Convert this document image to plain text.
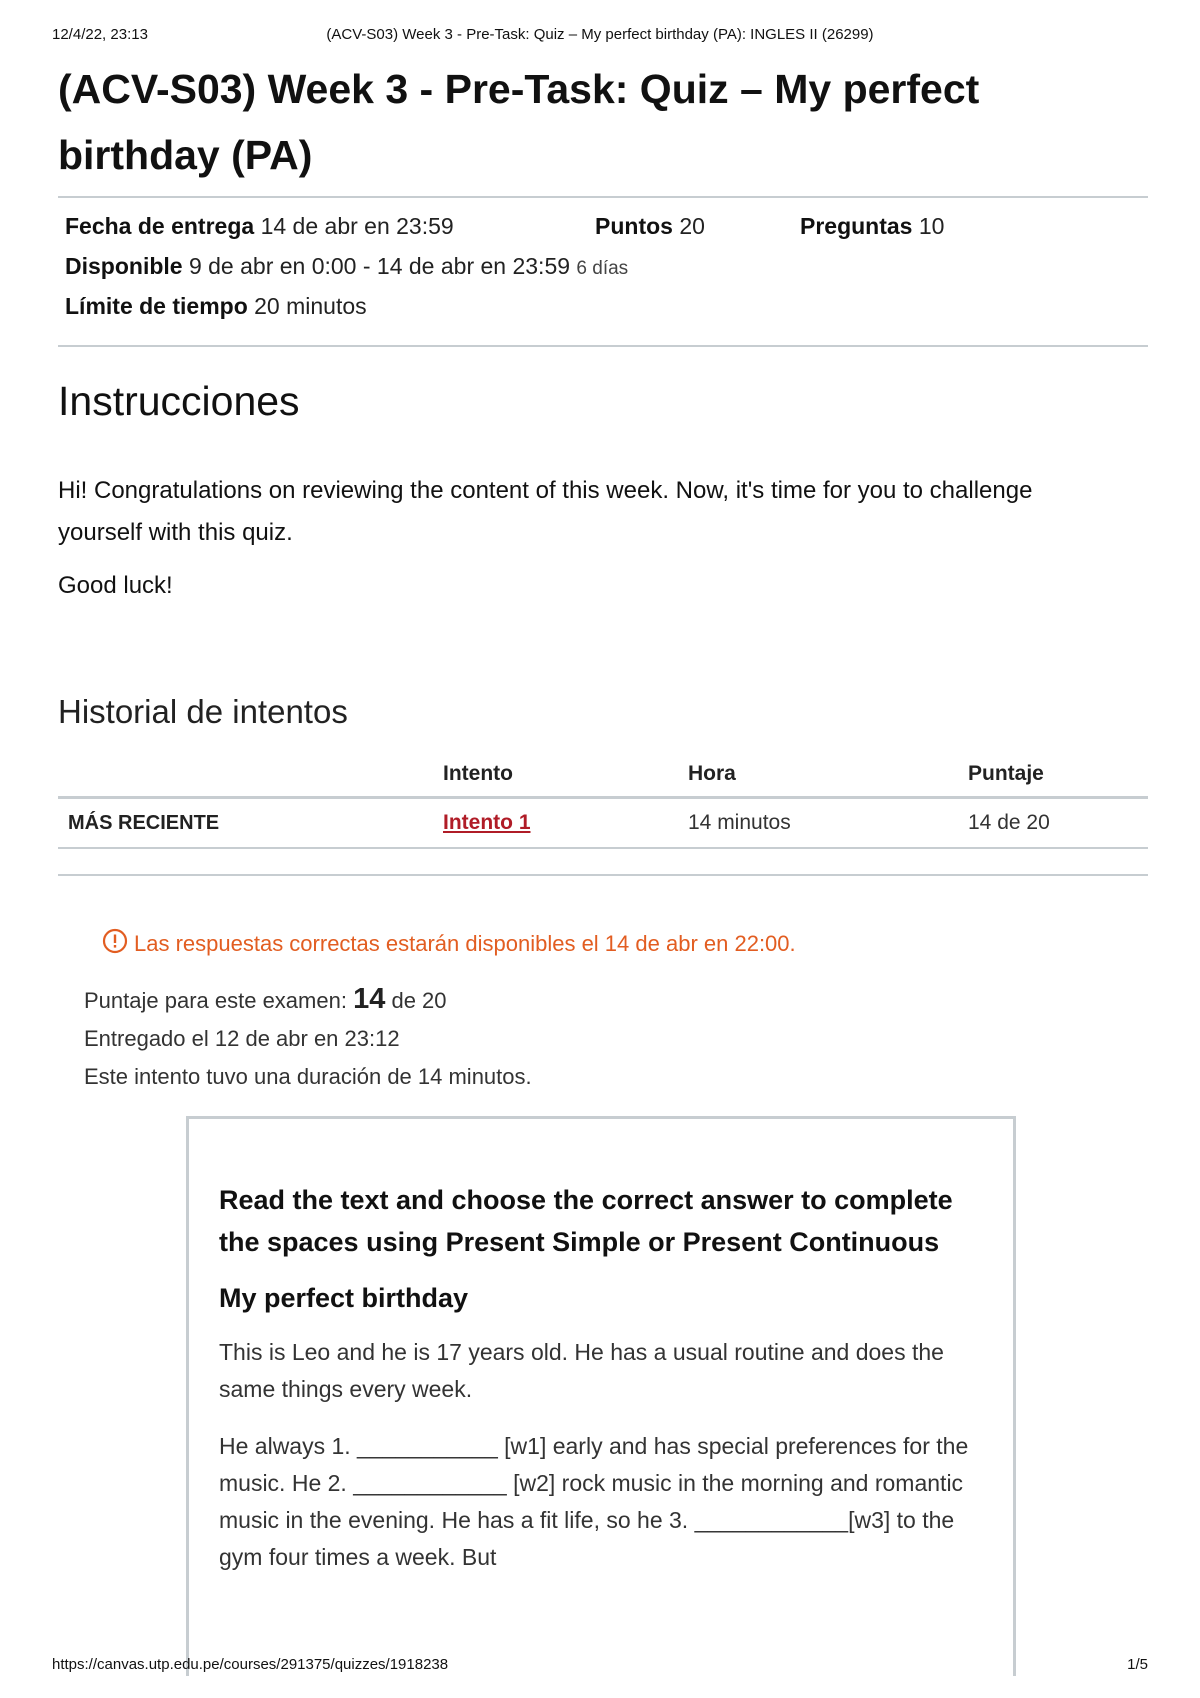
12/4/22, 23:13	(ACV-S03) Week 3 - Pre-Task: Quiz – My perfect birthday (PA): INGLES II (26299)
(ACV-S03) Week 3 - Pre-Task: Quiz – My perfect
birthday (PA)
Fecha de entrega 14 de abr en 23:59	Puntos 20	Preguntas 10
Disponible 9 de abr en 0:00 - 14 de abr en 23:59 6 días
Límite de tiempo 20 minutos
Instrucciones

Hi! Congratulations on reviewing the content of this week. Now, it's time for you to challenge yourself with this quiz.

Good luck!

Historial de intentos
	Intento	Hora	Puntaje
MÁS RECIENTE	Intento 1	14 minutos	14 de 20
Las respuestas correctas estarán disponibles el 14 de abr en 22:00.
Puntaje para este examen: 14 de 20
Entregado el 12 de abr en 23:12
Este intento tuvo una duración de 14 minutos.
Read the text and choose the correct answer to complete the spaces using Present Simple or Present Continuous
My perfect birthday

This is Leo and he is 17 years old. He has a usual routine and does the same things every week.

He always 1. ___________ [w1] early and has special preferences for the music. He 2. ____________ [w2] rock music in the morning and romantic music in the evening. He has a fit life, so he 3. ____________[w3] to the gym four times a week. But

https://canvas.utp.edu.pe/courses/291375/quizzes/1918238	1/5
